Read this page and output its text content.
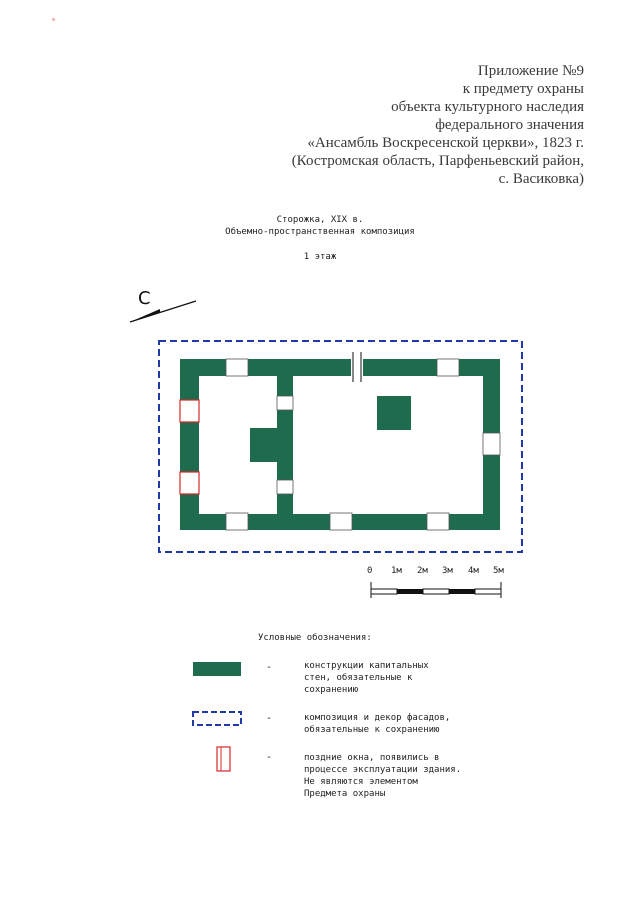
Приложение №9
к предмету охраны
объекта культурного наследия
федерального значения
«Ансамбль Воскресенской церкви», 1823 г.
(Костромская область, Парфеньевский район,
с. Васиковка)
Сторожка, XIX в.
Объемно-пространственная композиция
1 этаж
С
0 1м 2м 3м 4м 5м
Условные обозначения:
-	конструкции капитальных
стен, обязательные к
сохранению
-	композиция и декор фасадов,
обязательные к сохранению
-	поздние окна, появились в
процессе эксплуатации здания.
Не являются элементом
Предмета охраны
